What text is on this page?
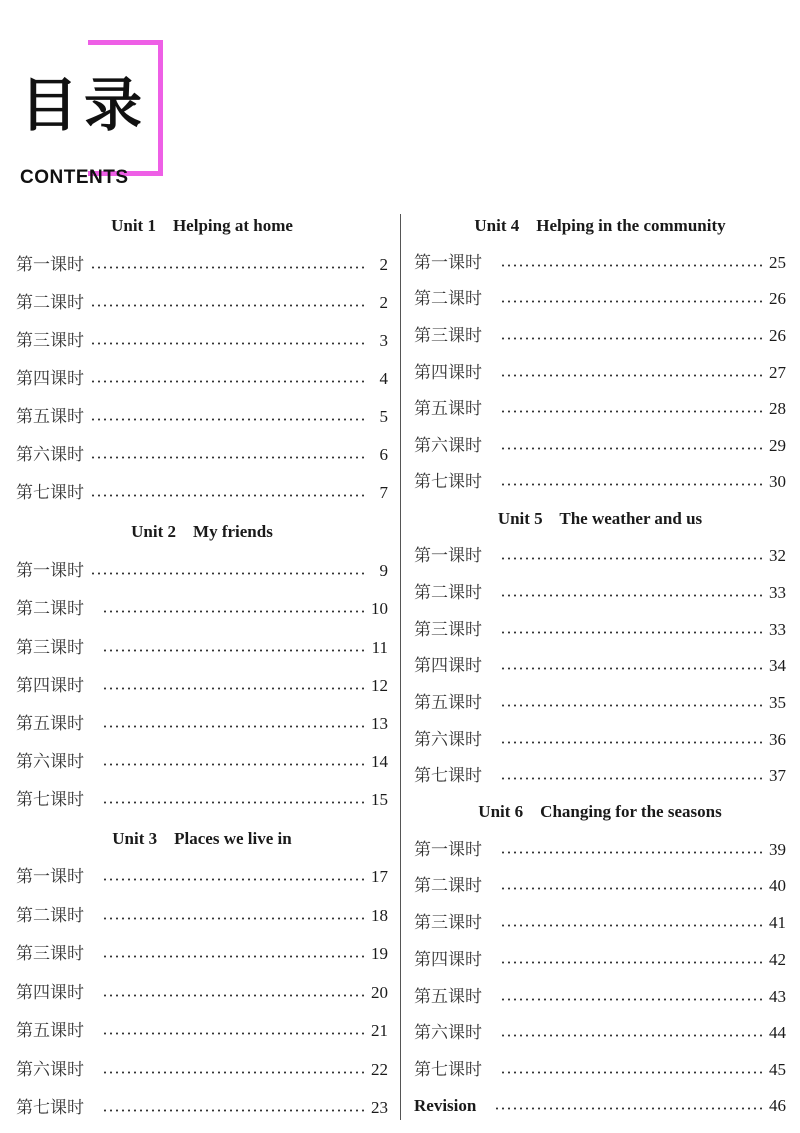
目录
CONTENTS
Unit 1    Helping at home
第一课时	2
第二课时	2
第三课时	3
第四课时	4
第五课时	5
第六课时	6
第七课时	7
Unit 2    My friends
第一课时	9
第二课时	10
第三课时	11
第四课时	12
第五课时	13
第六课时	14
第七课时	15
Unit 3    Places we live in
第一课时	17
第二课时	18
第三课时	19
第四课时	20
第五课时	21
第六课时	22
第七课时	23
Unit 4    Helping in the community
第一课时	25
第二课时	26
第三课时	26
第四课时	27
第五课时	28
第六课时	29
第七课时	30
Unit 5    The weather and us
第一课时	32
第二课时	33
第三课时	33
第四课时	34
第五课时	35
第六课时	36
第七课时	37
Unit 6    Changing for the seasons
第一课时	39
第二课时	40
第三课时	41
第四课时	42
第五课时	43
第六课时	44
第七课时	45
Revision	46
